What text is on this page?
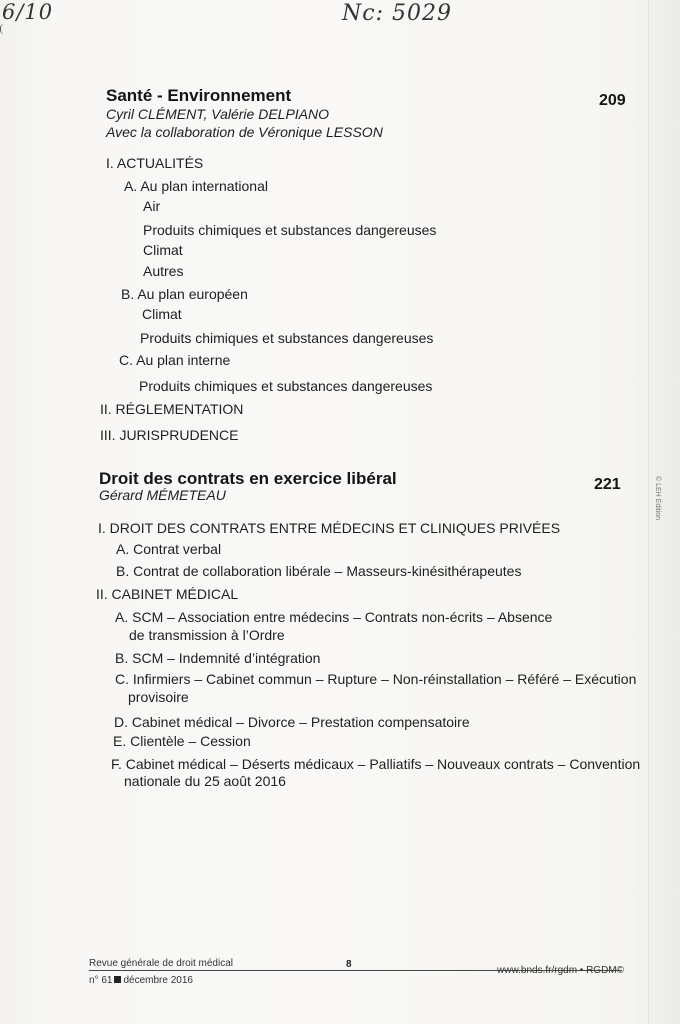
6/10	Nc: 5029
Santé - Environnement	209
Cyril CLÉMENT, Valérie DELPIANO
Avec la collaboration de Véronique LESSON
I. ACTUALITÉS
A. Au plan international
Air
Produits chimiques et substances dangereuses
Climat
Autres
B. Au plan européen
Climat
Produits chimiques et substances dangereuses
C. Au plan interne
Produits chimiques et substances dangereuses
II. RÉGLEMENTATION
III. JURISPRUDENCE
Droit des contrats en exercice libéral	221
Gérard MÉMETEAU
I. DROIT DES CONTRATS ENTRE MÉDECINS ET CLINIQUES PRIVÉES
A. Contrat verbal
B. Contrat de collaboration libérale – Masseurs-kinésithérapeutes
II. CABINET MÉDICAL
A. SCM – Association entre médecins – Contrats non-écrits – Absence
de transmission à l’Ordre
B. SCM – Indemnité d’intégration
C. Infirmiers – Cabinet commun – Rupture – Non-réinstallation – Référé – Exécution
provisoire
D. Cabinet médical – Divorce – Prestation compensatoire
E. Clientèle – Cession
F. Cabinet médical – Déserts médicaux – Palliatifs – Nouveaux contrats – Convention
nationale du 25 août 2016
© LEH Édition
Revue générale de droit médical
n° 61 décembre 2016
8
www.bnds.fr/rgdm • RGDM©
